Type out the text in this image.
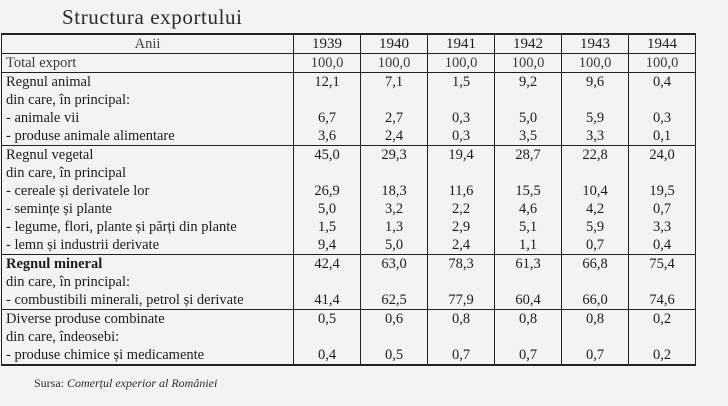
Structura exportului
Anii	1939	1940	1941	1942	1943	1944
Total export	100,0	100,0	100,0	100,0	100,0	100,0
Regnul animal	12,1	7,1	1,5	9,2	9,6	0,4
din care, în principal:						
- animale vii	6,7	2,7	0,3	5,0	5,9	0,3
- produse animale alimentare	3,6	2,4	0,3	3,5	3,3	0,1
Regnul vegetal	45,0	29,3	19,4	28,7	22,8	24,0
din care, în principal						
- cereale și derivatele lor	26,9	18,3	11,6	15,5	10,4	19,5
- semințe și plante	5,0	3,2	2,2	4,6	4,2	0,7
- legume, flori, plante și părți din plante	1,5	1,3	2,9	5,1	5,9	3,3
- lemn și industrii derivate	9,4	5,0	2,4	1,1	0,7	0,4
Regnul mineral	42,4	63,0	78,3	61,3	66,8	75,4
din care, în principal:						
- combustibili minerali, petrol și derivate	41,4	62,5	77,9	60,4	66,0	74,6
Diverse produse combinate	0,5	0,6	0,8	0,8	0,8	0,2
din care, îndeosebi:						
- produse chimice și medicamente	0,4	0,5	0,7	0,7	0,7	0,2
Sursa: Comerțul experior al României
